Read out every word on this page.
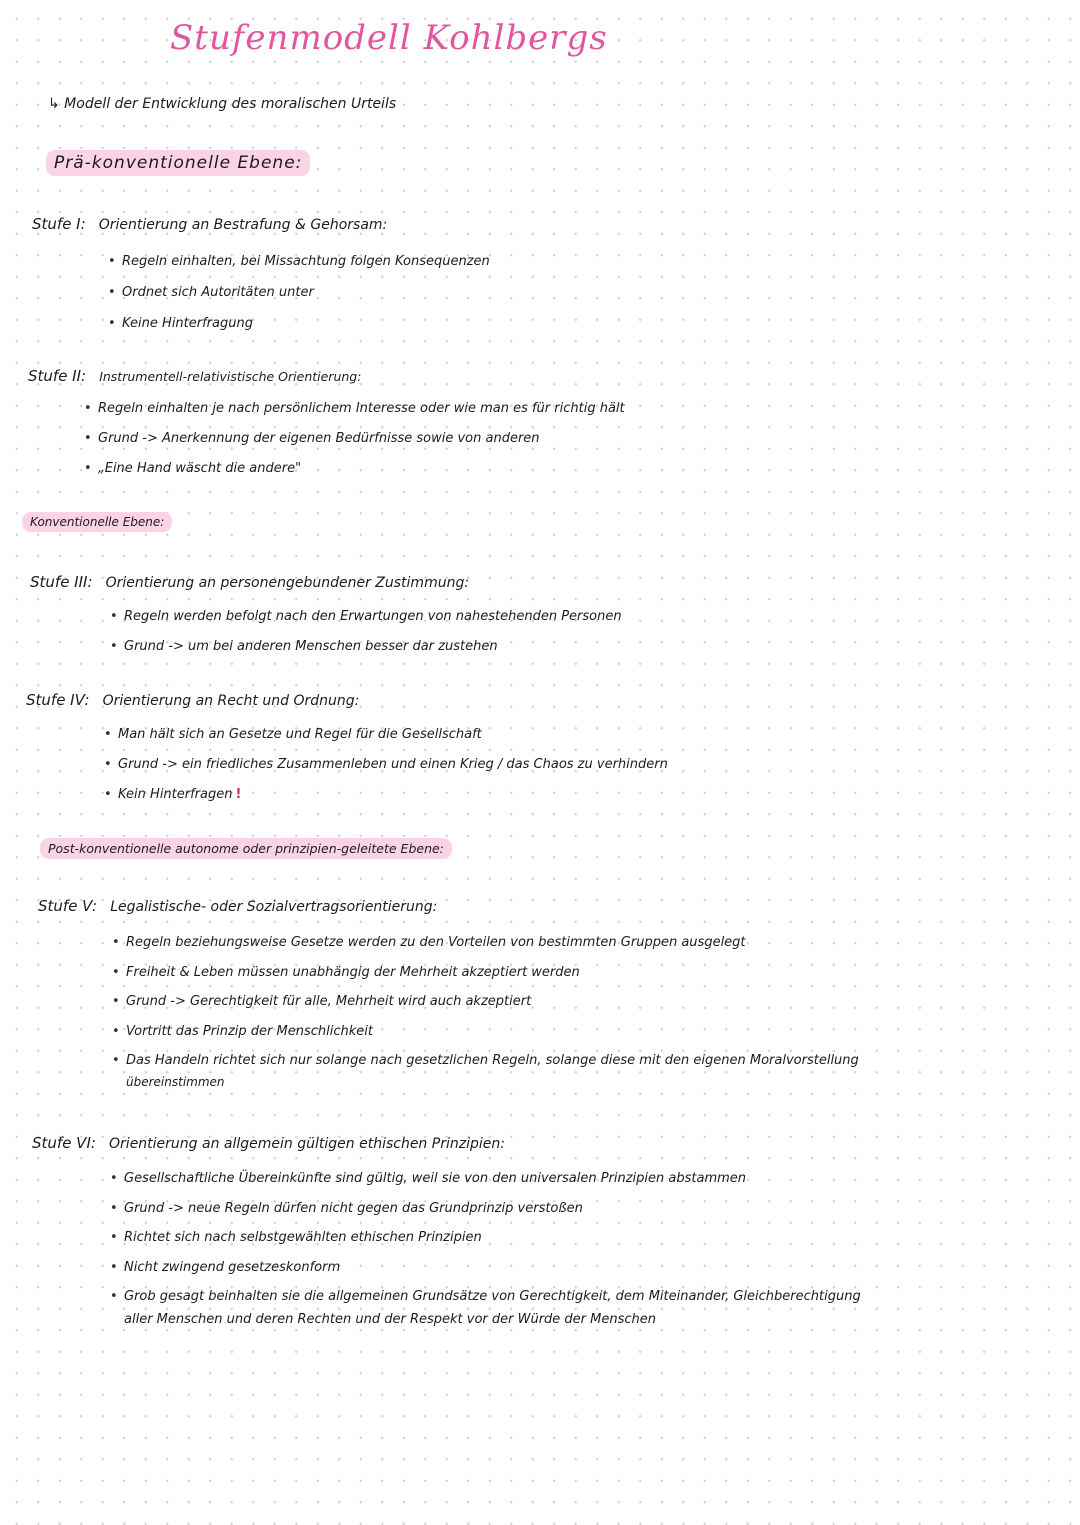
Stufenmodell Kohlbergs
↳ Modell der Entwicklung des moralischen Urteils
Prä-konventionelle Ebene:
Stufe I: Orientierung an Bestrafung & Gehorsam:
• Regeln einhalten, bei Missachtung folgen Konsequenzen
• Ordnet sich Autoritäten unter
• Keine Hinterfragung
Stufe II: Instrumentell-relativistische Orientierung:
• Regeln einhalten je nach persönlichem Interesse oder wie man es für richtig hält
• Grund -> Anerkennung der eigenen Bedürfnisse sowie von anderen
• „Eine Hand wäscht die andere"
Konventionelle Ebene:
Stufe III: Orientierung an personengebundener Zustimmung:
• Regeln werden befolgt nach den Erwartungen von nahestehenden Personen
• Grund -> um bei anderen Menschen besser dar zustehen
Stufe IV: Orientierung an Recht und Ordnung:
• Man hält sich an Gesetze und Regel für die Gesellschaft
• Grund -> ein friedliches Zusammenleben und einen Krieg / das Chaos zu verhindern
• Kein Hinterfragen !
Post-konventionelle autonome oder prinzipien-geleitete Ebene:
Stufe V: Legalistische- oder Sozialvertragsorientierung:
• Regeln beziehungsweise Gesetze werden zu den Vorteilen von bestimmten Gruppen ausgelegt
• Freiheit & Leben müssen unabhängig der Mehrheit akzeptiert werden
• Grund -> Gerechtigkeit für alle, Mehrheit wird auch akzeptiert
• Vortritt das Prinzip der Menschlichkeit
• Das Handeln richtet sich nur solange nach gesetzlichen Regeln, solange diese mit den eigenen Moralvorstellung
übereinstimmen
Stufe VI: Orientierung an allgemein gültigen ethischen Prinzipien:
• Gesellschaftliche Übereinkünfte sind gültig, weil sie von den universalen Prinzipien abstammen
• Grund -> neue Regeln dürfen nicht gegen das Grundprinzip verstoßen
• Richtet sich nach selbstgewählten ethischen Prinzipien
• Nicht zwingend gesetzeskonform
• Grob gesagt beinhalten sie die allgemeinen Grundsätze von Gerechtigkeit, dem Miteinander, Gleichberechtigung
aller Menschen und deren Rechten und der Respekt vor der Würde der Menschen
